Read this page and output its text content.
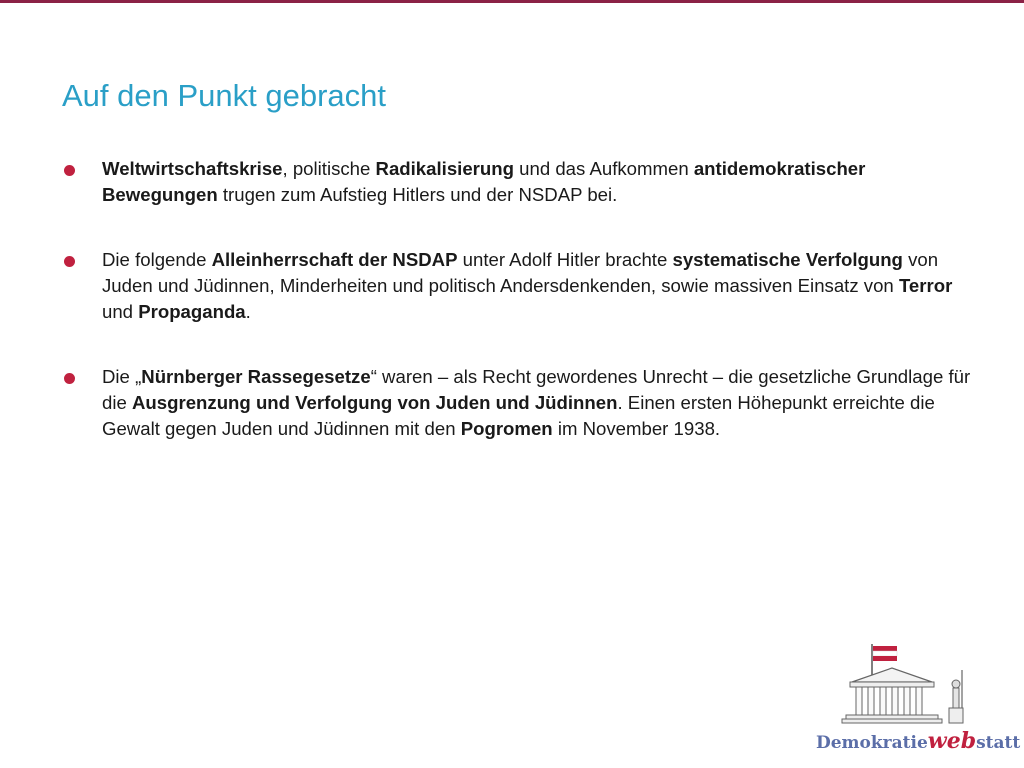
Auf den Punkt gebracht
Weltwirtschaftskrise, politische Radikalisierung und das Aufkommen antidemokratischer Bewegungen trugen zum Aufstieg Hitlers und der NSDAP bei.
Die folgende Alleinherrschaft der NSDAP unter Adolf Hitler brachte systematische Verfolgung von Juden und Jüdinnen, Minderheiten und politisch Andersdenkenden, sowie massiven Einsatz von Terror und Propaganda.
Die „Nürnberger Rassegesetze“ waren – als Recht gewordenes Unrecht – die gesetzliche Grundlage für die Ausgrenzung und Verfolgung von Juden und Jüdinnen. Einen ersten Höhepunkt erreichte die Gewalt gegen Juden und Jüdinnen mit den Pogromen im November 1938.
Demokratiewebstatt
